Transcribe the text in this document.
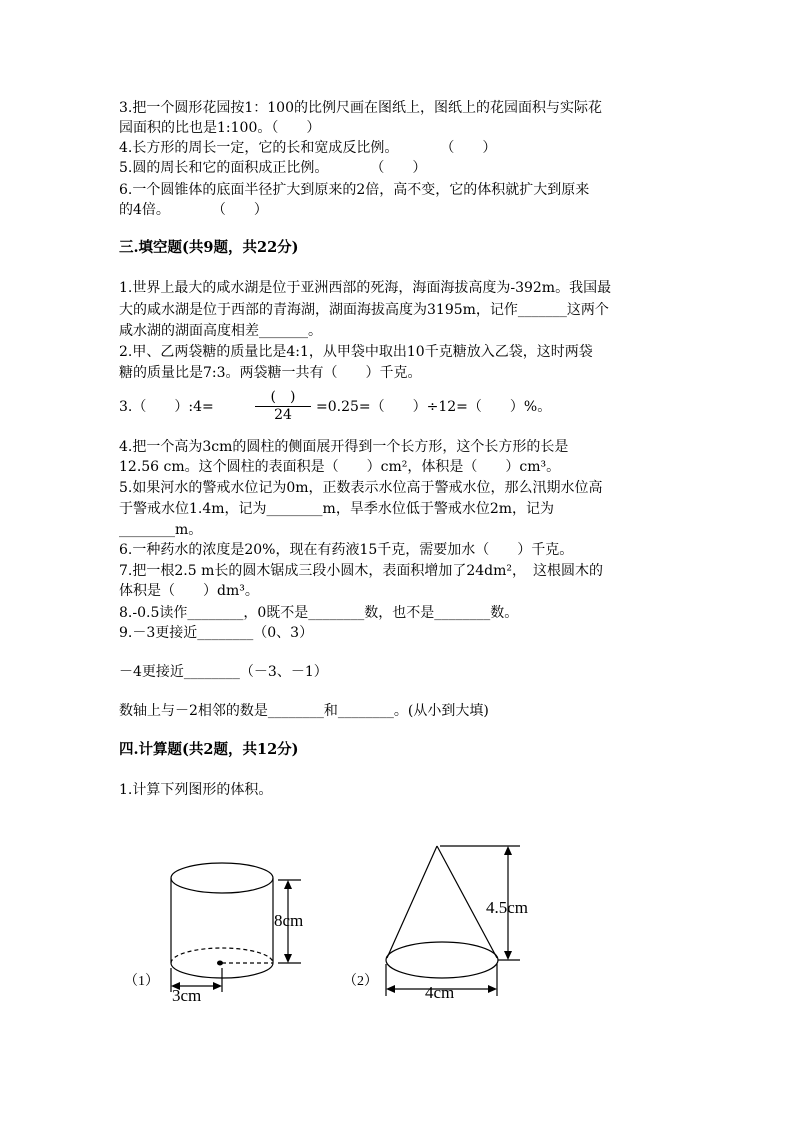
3.把一个圆形花园按1：100的比例尺画在图纸上，图纸上的花园面积与实际花
园面积的比也是1:100。（　　）
4.长方形的周长一定，它的长和宽成反比例。　　　　（　　）
5.圆的周长和它的面积成正比例。　　　　（　　）
6.一个圆锥体的底面半径扩大到原来的2倍，高不变，它的体积就扩大到原来
的4倍。　　　　（　　）
三.填空题(共9题，共22分)
1.世界上最大的咸水湖是位于亚洲西部的死海，海面海拔高度为-392m。我国最
大的咸水湖是位于西部的青海湖，湖面海拔高度为3195m，记作_______这两个
咸水湖的湖面高度相差_______。
2.甲、乙两袋糖的质量比是4:1，从甲袋中取出10千克糖放入乙袋，这时两袋
糖的质量比是7:3。两袋糖一共有（　　）千克。
3.（　　）:4=
(　)
24	=0.25=（　　）÷12=（　　）%。
4.把一个高为3cm的圆柱的侧面展开得到一个长方形，这个长方形的长是
12.56 cm。这个圆柱的表面积是（　　）cm²，体积是（　　）cm³。
5.如果河水的警戒水位记为0m，正数表示水位高于警戒水位，那么汛期水位高
于警戒水位1.4m，记为________m，旱季水位低于警戒水位2m，记为
________m。
6.一种药水的浓度是20%，现在有药液15千克，需要加水（　　）千克。
7.把一根2.5 m长的圆木锯成三段小圆木，表面积增加了24dm²，　这根圆木的
体积是（　　）dm³。
8.-0.5读作________，0既不是________数，也不是________数。
9.－3更接近________（0、3）
－4更接近________（－3、－1）
数轴上与－2相邻的数是________和________。(从小到大填)
四.计算题(共2题，共12分)
1.计算下列图形的体积。
（1）
8cm
3cm
（2）
4.5cm
4cm
